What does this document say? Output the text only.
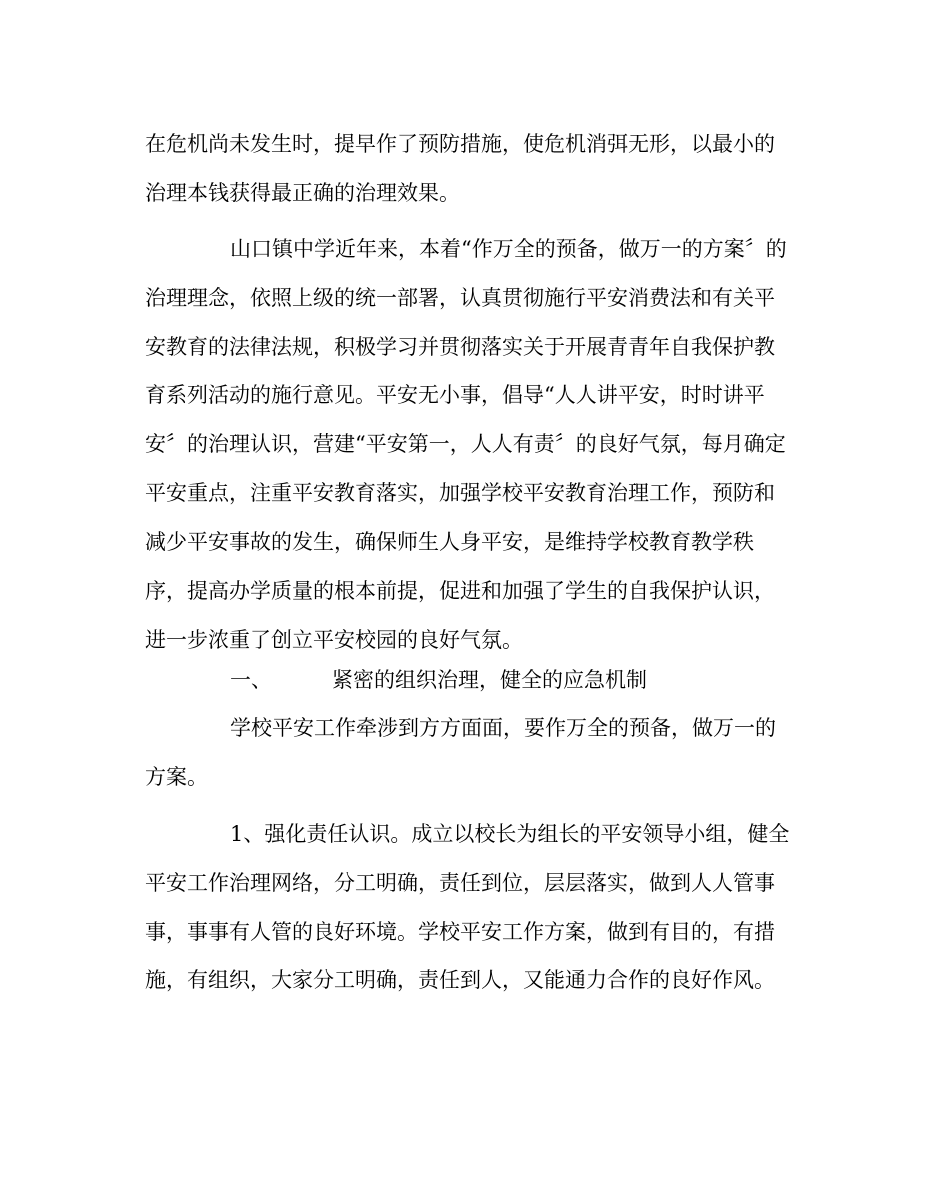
在危机尚未发生时，提早作了预防措施，使危机消弭无形，以最小的

治理本钱获得最正确的治理效果。

山口镇中学近年来，本着“作万全的预备，做万一的方案〞的

治理理念，依照上级的统一部署，认真贯彻施行平安消费法和有关平

安教育的法律法规，积极学习并贯彻落实关于开展青青年自我保护教

育系列活动的施行意见。平安无小事，倡导“人人讲平安，时时讲平

安〞的治理认识，营建“平安第一，人人有责〞的良好气氛，每月确定

平安重点，注重平安教育落实，加强学校平安教育治理工作，预防和

减少平安事故的发生，确保师生人身平安，是维持学校教育教学秩

序，提高办学质量的根本前提，促进和加强了学生的自我保护认识，

进一步浓重了创立平安校园的良好气氛。

一、	紧密的组织治理，健全的应急机制

学校平安工作牵涉到方方面面，要作万全的预备，做万一的

方案。

1、强化责任认识。成立以校长为组长的平安领导小组，健全

平安工作治理网络，分工明确，责任到位，层层落实，做到人人管事

事，事事有人管的良好环境。学校平安工作方案，做到有目的，有措

施，有组织，大家分工明确，责任到人，又能通力合作的良好作风。
